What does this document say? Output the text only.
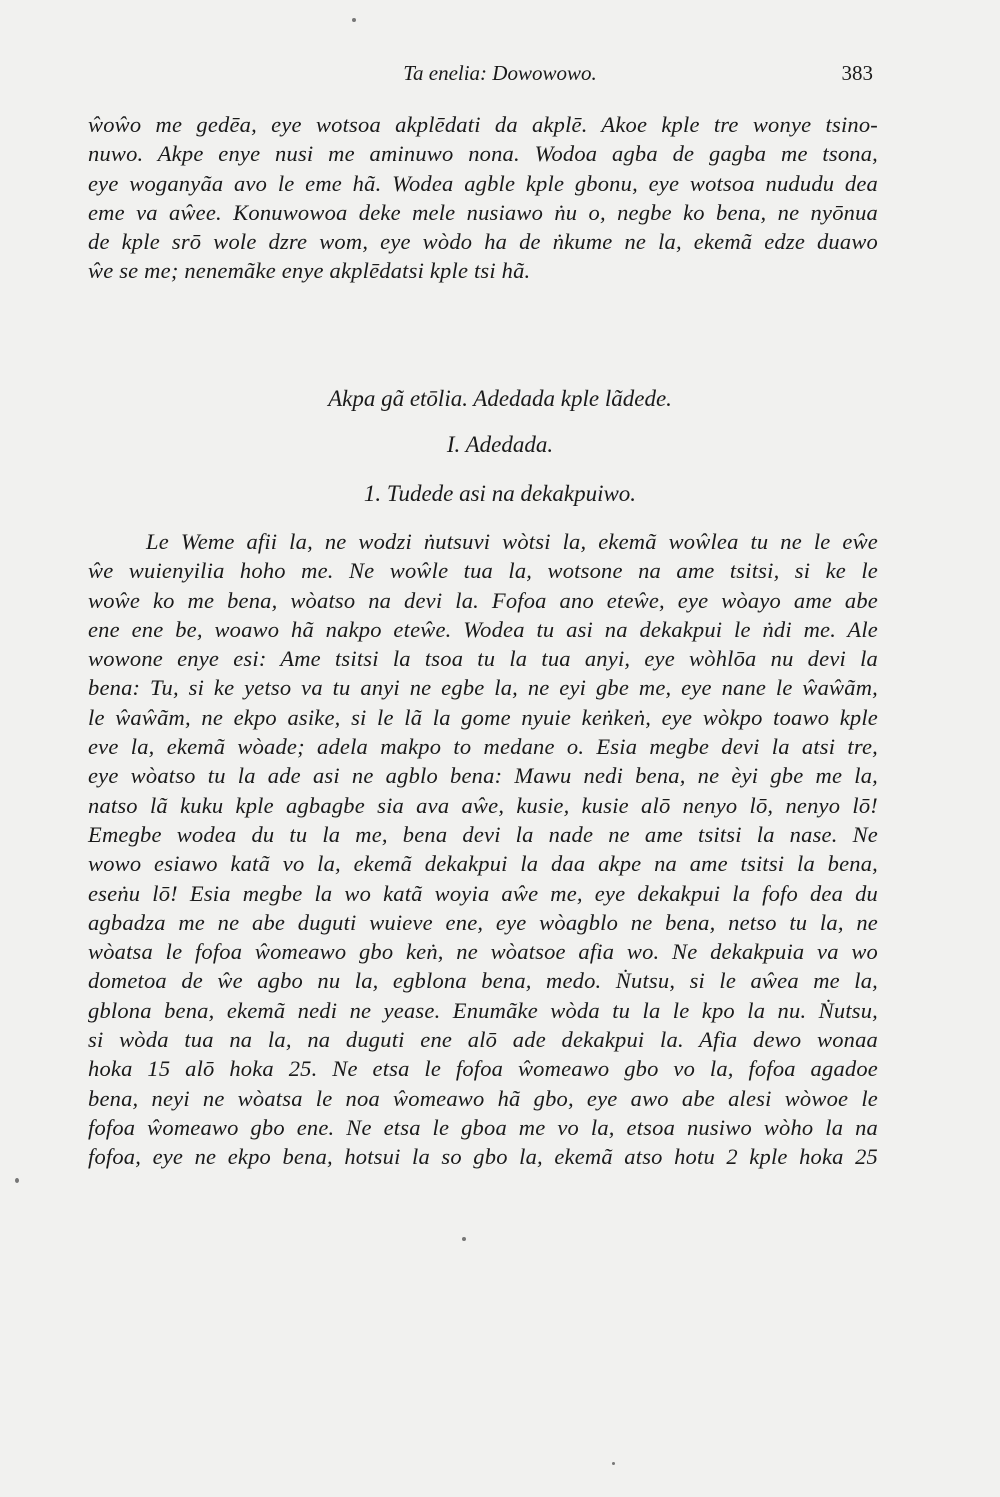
Ta enelia: Dowowowo.	383
ŵoŵo me gedēa, eye wotsoa akplēdati da akplē. Akoe kple tre wonye tsino-
nuwo. Akpe enye nusi me aminuwo nona. Wodoa agba de gagba me tsona,
eye woganyãa avo le eme hã. Wodea agble kple gbonu, eye wotsoa nududu dea
eme va aŵee. Konuwowoa deke mele nusiawo ṅu o, negbe ko bena, ne nyōnua
de kple srō wole dzre wom, eye wòdo ha de ṅkume ne la, ekemã edze duawo
ŵe se me; nenemãke enye akplēdatsi kple tsi hã.
Akpa gã etōlia. Adedada kple lãdede.
I. Adedada.
1. Tudede asi na dekakpuiwo.
Le Weme afii la, ne wodzi ṅutsuvi wòtsi la, ekemã woŵlea tu ne le eŵe
ŵe wuienyilia hoho me. Ne woŵle tua la, wotsone na ame tsitsi, si ke le
woŵe ko me bena, wòatso na devi la. Fofoa ano eteŵe, eye wòayo ame abe
ene ene be, woawo hã nakpo eteŵe. Wodea tu asi na dekakpui le ṅdi me. Ale
wowone enye esi: Ame tsitsi la tsoa tu la tua anyi, eye wòhlōa nu devi la
bena: Tu, si ke yetso va tu anyi ne egbe la, ne eyi gbe me, eye nane le ŵaŵãm,
le ŵaŵãm, ne ekpo asike, si le lã la gome nyuie keṅkeṅ, eye wòkpo toawo kple
eve la, ekemã wòade; adela makpo to medane o. Esia megbe devi la atsi tre,
eye wòatso tu la ade asi ne agblo bena: Mawu nedi bena, ne èyi gbe me la,
natso lã kuku kple agbagbe sia ava aŵe, kusie, kusie alō nenyo lō, nenyo lō!
Emegbe wodea du tu la me, bena devi la nade ne ame tsitsi la nase. Ne
wowo esiawo katã vo la, ekemã dekakpui la daa akpe na ame tsitsi la bena,
eseṅu lō! Esia megbe la wo katã woyia aŵe me, eye dekakpui la fofo dea du
agbadza me ne abe duguti wuieve ene, eye wòagblo ne bena, netso tu la, ne
wòatsa le fofoa ŵomeawo gbo keṅ, ne wòatsoe afia wo. Ne dekakpuia va wo
dometoa de ŵe agbo nu la, egblona bena, medo. Ṅutsu, si le aŵea me la,
gblona bena, ekemã nedi ne yease. Enumãke wòda tu la le kpo la nu. Ṅutsu,
si wòda tua na la, na duguti ene alō ade dekakpui la. Afia dewo wonaa
hoka 15 alō hoka 25. Ne etsa le fofoa ŵomeawo gbo vo la, fofoa agadoe
bena, neyi ne wòatsa le noa ŵomeawo hã gbo, eye awo abe alesi wòwoe le
fofoa ŵomeawo gbo ene. Ne etsa le gboa me vo la, etsoa nusiwo wòho la na
fofoa, eye ne ekpo bena, hotsui la so gbo la, ekemã atso hotu 2 kple hoka 25
